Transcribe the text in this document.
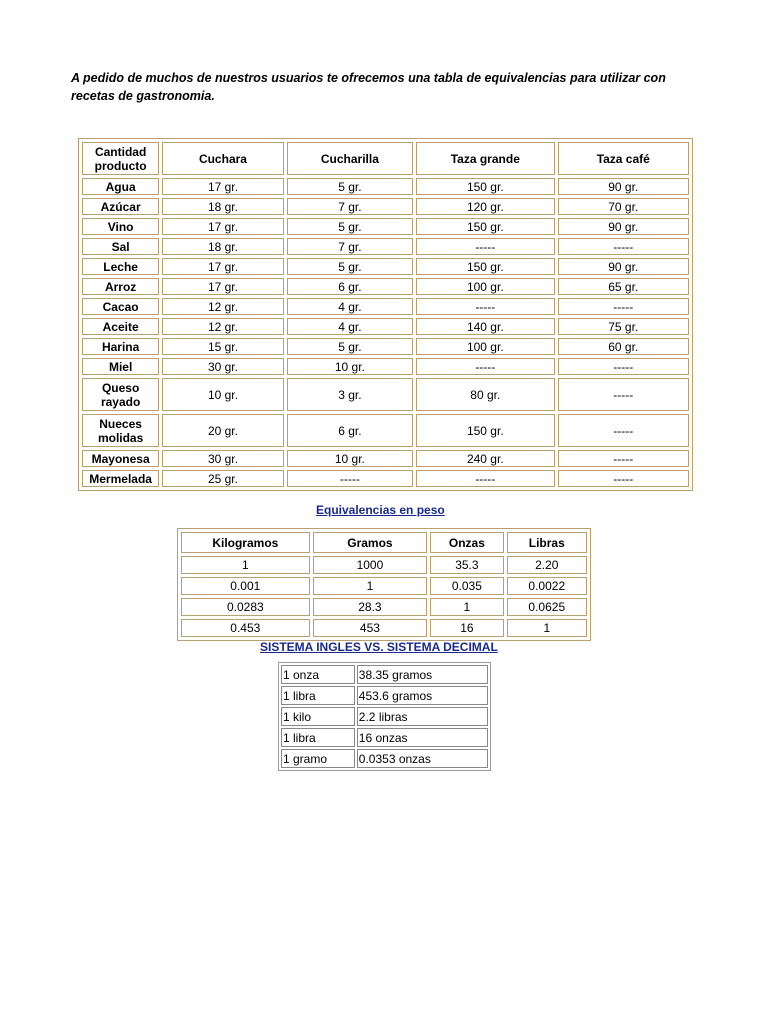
A pedido de muchos de nuestros usuarios te ofrecemos una tabla de equivalencias para utilizar con
recetas de gastronomia.

Cantidad
producto	Cuchara	Cucharilla	Taza grande	Taza café
Agua	17 gr.	5 gr.	150 gr.	90 gr.
Azúcar	18 gr.	7 gr.	120 gr.	70 gr.
Vino	17 gr.	5 gr.	150 gr.	90 gr.
Sal	18 gr.	7 gr.	-----	-----
Leche	17 gr.	5 gr.	150 gr.	90 gr.
Arroz	17 gr.	6 gr.	100 gr.	65 gr.
Cacao	12 gr.	4 gr.	-----	-----
Aceite	12 gr.	4 gr.	140 gr.	75 gr.
Harina	15 gr.	5 gr.	100 gr.	60 gr.
Miel	30 gr.	10 gr.	-----	-----
Queso
rayado	10 gr.	3 gr.	80 gr.	-----
Nueces
molidas	20 gr.	6 gr.	150 gr.	-----
Mayonesa	30 gr.	10 gr.	240 gr.	-----
Mermelada	25 gr.	-----	-----	-----
Equivalencias en peso
Kilogramos	Gramos	Onzas	Libras
1	1000	35.3	2.20
0.001	1	0.035	0.0022
0.0283	28.3	1	0.0625
0.453	453	16	1
SISTEMA INGLES VS. SISTEMA DECIMAL
1 onza	38.35 gramos
1 libra	453.6 gramos
1 kilo	2.2 libras
1 libra	16 onzas
1 gramo	0.0353 onzas
